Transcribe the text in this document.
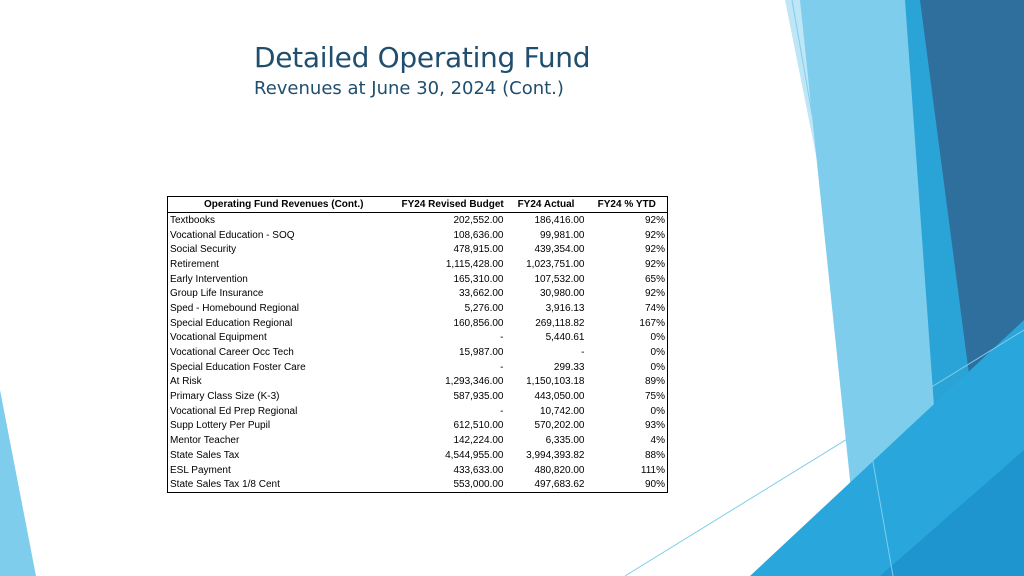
Detailed Operating Fund
Revenues at June 30, 2024 (Cont.)
Operating Fund Revenues (Cont.)	FY24 Revised Budget	FY24 Actual	FY24 % YTD
Textbooks	202,552.00	186,416.00	92%
Vocational Education - SOQ	108,636.00	99,981.00	92%
Social Security	478,915.00	439,354.00	92%
Retirement	1,115,428.00	1,023,751.00	92%
Early Intervention	165,310.00	107,532.00	65%
Group Life Insurance	33,662.00	30,980.00	92%
Sped - Homebound Regional	5,276.00	3,916.13	74%
Special Education Regional	160,856.00	269,118.82	167%
Vocational Equipment	-	5,440.61	0%
Vocational Career Occ Tech	15,987.00	-	0%
Special Education Foster Care	-	299.33	0%
At Risk	1,293,346.00	1,150,103.18	89%
Primary Class Size (K-3)	587,935.00	443,050.00	75%
Vocational Ed Prep Regional	-	10,742.00	0%
Supp Lottery Per Pupil	612,510.00	570,202.00	93%
Mentor Teacher	142,224.00	6,335.00	4%
State Sales Tax	4,544,955.00	3,994,393.82	88%
ESL Payment	433,633.00	480,820.00	111%
State Sales Tax 1/8 Cent	553,000.00	497,683.62	90%
